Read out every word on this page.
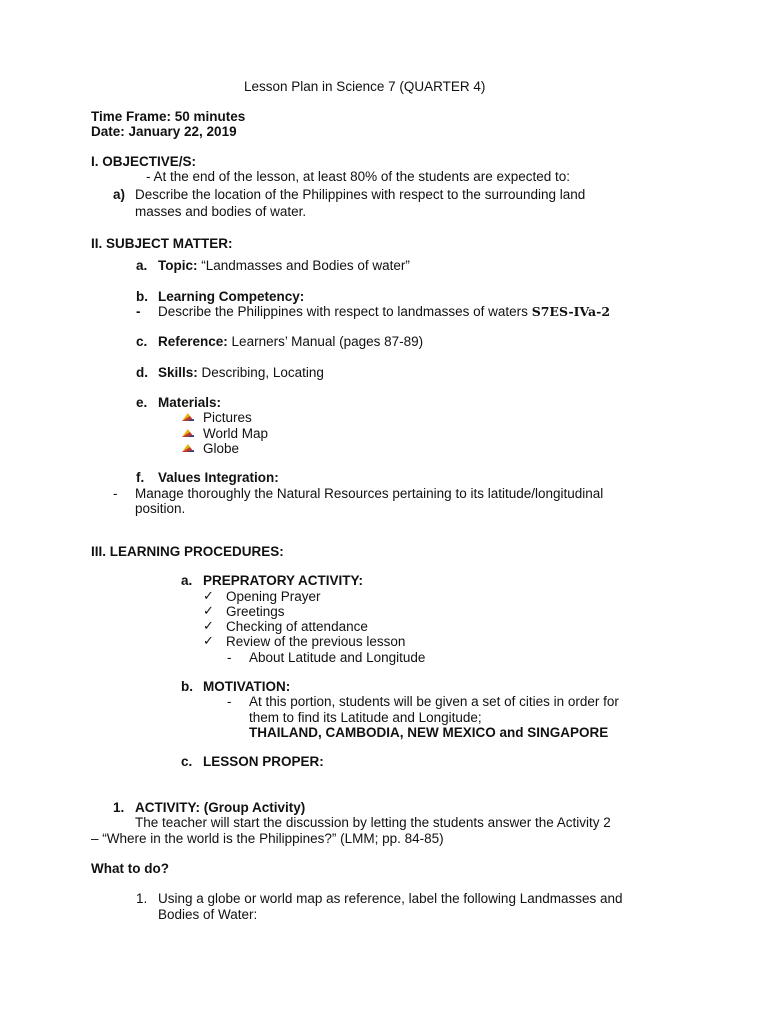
Lesson Plan in Science 7 (QUARTER 4)
Time Frame: 50 minutes
Date: January 22, 2019
I. OBJECTIVE/S:
- At the end of the lesson, at least 80% of the students are expected to:
a) Describe the location of the Philippines with respect to the surrounding land
masses and bodies of water.
II. SUBJECT MATTER:
a. Topic: “Landmasses and Bodies of water”
b. Learning Competency:
- Describe the Philippines with respect to landmasses of waters S7ES-IVa-2
c. Reference: Learners’ Manual (pages 87-89)
d. Skills: Describing, Locating
e. Materials:
Pictures
World Map
Globe
f. Values Integration:
- Manage thoroughly the Natural Resources pertaining to its latitude/longitudinal
position.
III. LEARNING PROCEDURES:
a. PREPRATORY ACTIVITY:
✓ Opening Prayer
✓ Greetings
✓ Checking of attendance
✓ Review of the previous lesson
- About Latitude and Longitude
b. MOTIVATION:
- At this portion, students will be given a set of cities in order for
them to find its Latitude and Longitude;
THAILAND, CAMBODIA, NEW MEXICO and SINGAPORE
c. LESSON PROPER:
1. ACTIVITY: (Group Activity)
The teacher will start the discussion by letting the students answer the Activity 2
– “Where in the world is the Philippines?” (LMM; pp. 84-85)
What to do?
1. Using a globe or world map as reference, label the following Landmasses and
Bodies of Water:
